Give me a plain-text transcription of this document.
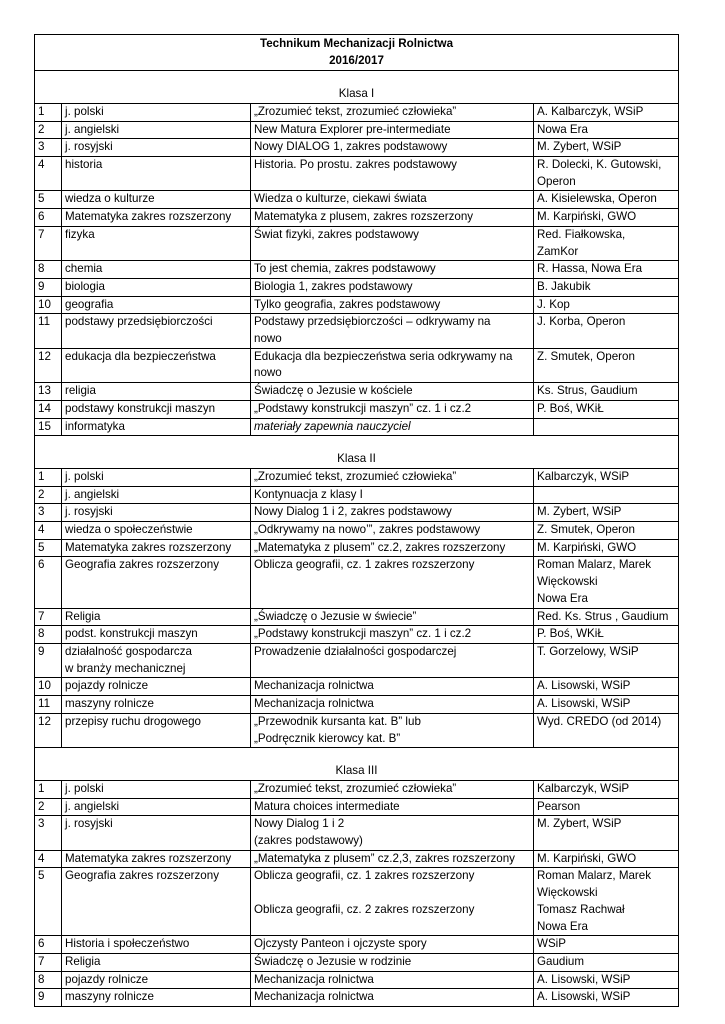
Technikum Mechanizacji Rolnictwa
2016/2017			

Klasa I			

1	j. polski	„Zrozumieć tekst, zrozumieć człowieka”	A. Kalbarczyk, WSiP

2	j. angielski	New Matura Explorer pre-intermediate	Nowa Era

3	j. rosyjski	Nowy DIALOG 1, zakres podstawowy	M. Zybert, WSiP

4	historia	Historia. Po prostu. zakres podstawowy	R. Dolecki, K. Gutowski,
Operon

5	wiedza o kulturze	Wiedza o kulturze, ciekawi świata	A. Kisielewska, Operon

6	Matematyka zakres rozszerzony	Matematyka z plusem, zakres rozszerzony	M. Karpiński, GWO

7	fizyka	Świat fizyki, zakres podstawowy	Red. Fiałkowska,
ZamKor

8	chemia	To jest chemia, zakres podstawowy	R. Hassa, Nowa Era

9	biologia	Biologia 1, zakres podstawowy	B. Jakubik

10	geografia	Tylko geografia, zakres podstawowy	J. Kop

11	podstawy przedsiębiorczości	Podstawy przedsiębiorczości – odkrywamy na
nowo	J. Korba, Operon

12	edukacja dla bezpieczeństwa	Edukacja dla bezpieczeństwa seria odkrywamy na
nowo	Z. Smutek, Operon

13	religia	Świadczę o Jezusie w kościele	Ks. Strus, Gaudium

14	podstawy konstrukcji maszyn	„Podstawy konstrukcji maszyn” cz. 1 i cz.2	P. Boś, WKiŁ

15	informatyka	materiały zapewnia nauczyciel	

Klasa II			

1	j. polski	„Zrozumieć tekst, zrozumieć człowieka”	Kalbarczyk, WSiP

2	j. angielski	Kontynuacja z klasy I	

3	j. rosyjski	Nowy Dialog 1 i 2, zakres podstawowy	M. Zybert, WSiP

4	wiedza o społeczeństwie	„Odkrywamy na nowo’”, zakres podstawowy	Z. Smutek, Operon

5	Matematyka zakres rozszerzony	„Matematyka z plusem” cz.2, zakres rozszerzony	M. Karpiński, GWO

6	Geografia zakres rozszerzony	Oblicza geografii, cz. 1 zakres rozszerzony	Roman Malarz, Marek
Więckowski
Nowa Era

7	Religia	„Świadczę o Jezusie w świecie”	Red. Ks. Strus , Gaudium

8	podst. konstrukcji maszyn	„Podstawy konstrukcji maszyn” cz. 1 i cz.2	P. Boś, WKiŁ

9	działalność gospodarcza
w branży mechanicznej	Prowadzenie działalności gospodarczej	T. Gorzelowy, WSiP

10	pojazdy rolnicze	Mechanizacja rolnictwa	A. Lisowski, WSiP

11	maszyny rolnicze	Mechanizacja rolnictwa	A. Lisowski, WSiP

12	przepisy ruchu drogowego	„Przewodnik kursanta kat. B” lub
„Podręcznik kierowcy kat. B”	Wyd. CREDO (od 2014)

Klasa III			

1	j. polski	„Zrozumieć tekst, zrozumieć człowieka”	Kalbarczyk, WSiP

2	j. angielski	Matura choices intermediate	Pearson

3	j. rosyjski	Nowy Dialog 1 i 2
(zakres podstawowy)	M. Zybert, WSiP

4	Matematyka zakres rozszerzony	„Matematyka z plusem” cz.2,3, zakres rozszerzony	M. Karpiński, GWO

5	Geografia zakres rozszerzony	Oblicza geografii, cz. 1 zakres rozszerzony
Oblicza geografii, cz. 2 zakres rozszerzony	Roman Malarz, Marek
Więckowski
Tomasz Rachwał
Nowa Era

6	Historia i społeczeństwo	Ojczysty Panteon i ojczyste spory	WSiP

7	Religia	Świadczę o Jezusie w rodzinie	Gaudium

8	pojazdy rolnicze	Mechanizacja rolnictwa	A. Lisowski, WSiP

9	maszyny rolnicze	Mechanizacja rolnictwa	A. Lisowski, WSiP
